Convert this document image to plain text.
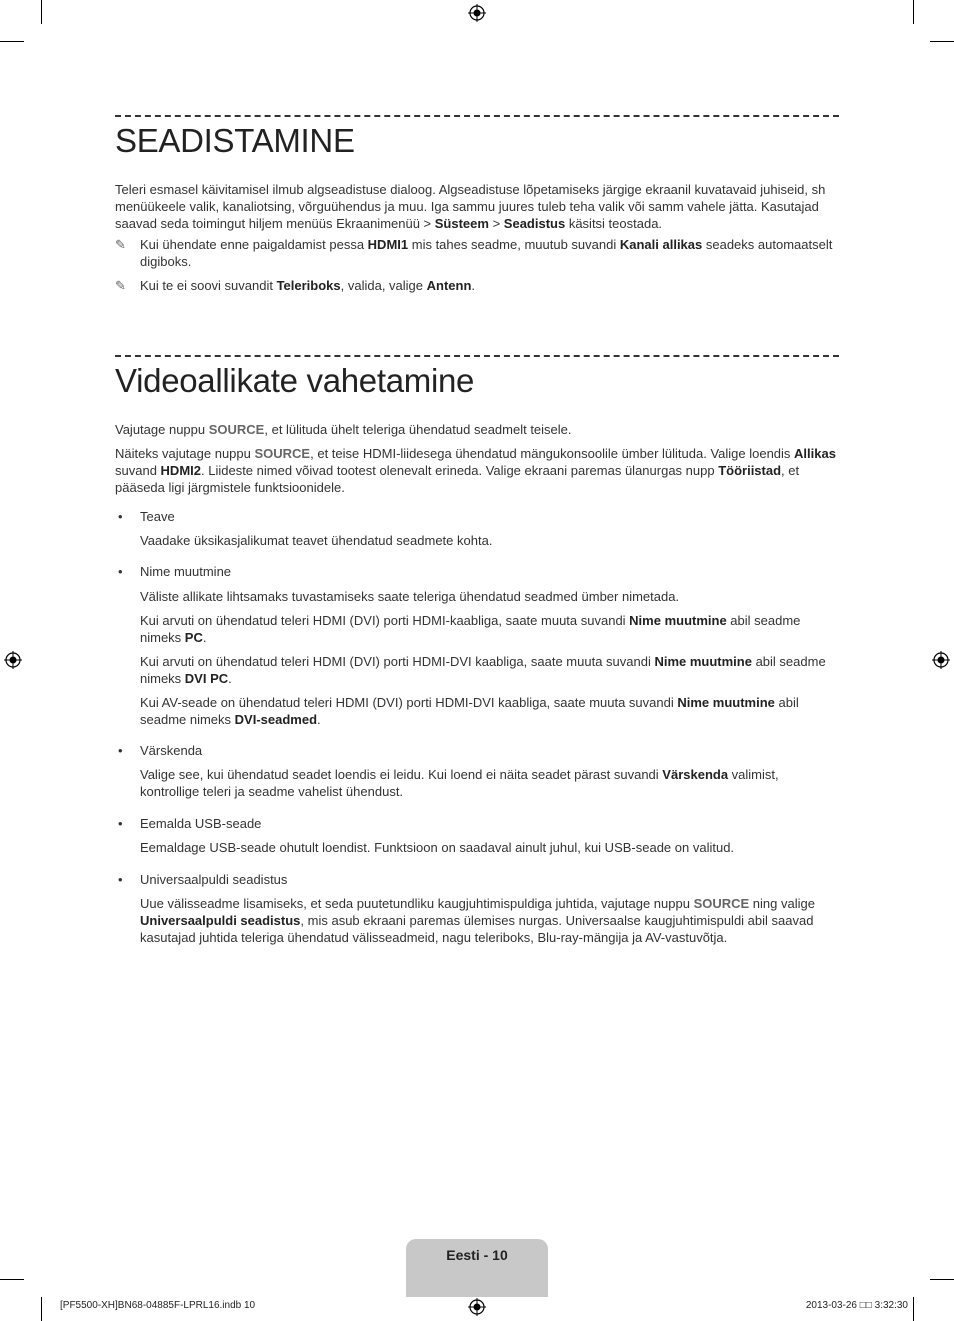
SEADISTAMINE

Teleri esmasel käivitamisel ilmub algseadistuse dialoog. Algseadistuse lõpetamiseks järgige ekraanil kuvatavaid juhiseid, sh menüükeele valik, kanaliotsing, võrguühendus ja muu. Iga sammu juures tuleb teha valik või samm vahele jätta. Kasutajad saavad seda toimingut hiljem menüüs Ekraanimenüü > Süsteem > Seadistus käsitsi teostada.

✎ Kui ühendate enne paigaldamist pessa HDMI1 mis tahes seadme, muutub suvandi Kanali allikas seadeks automaatselt digiboks.

✎ Kui te ei soovi suvandit Teleriboks, valida, valige Antenn.

Videoallikate vahetamine

Vajutage nuppu SOURCE, et lülituda ühelt teleriga ühendatud seadmelt teisele.

Näiteks vajutage nuppu SOURCE, et teise HDMI-liidesega ühendatud mängukonsoolile ümber lülituda. Valige loendis Allikas suvand HDMI2. Liideste nimed võivad tootest olenevalt erineda. Valige ekraani paremas ülanurgas nupp Tööriistad, et pääseda ligi järgmistele funktsioonidele.

• Teave

Vaadake üksikasjalikumat teavet ühendatud seadmete kohta.

• Nime muutmine

Väliste allikate lihtsamaks tuvastamiseks saate teleriga ühendatud seadmed ümber nimetada.

Kui arvuti on ühendatud teleri HDMI (DVI) porti HDMI-kaabliga, saate muuta suvandi Nime muutmine abil seadme nimeks PC.

Kui arvuti on ühendatud teleri HDMI (DVI) porti HDMI-DVI kaabliga, saate muuta suvandi Nime muutmine abil seadme nimeks DVI PC.

Kui AV-seade on ühendatud teleri HDMI (DVI) porti HDMI-DVI kaabliga, saate muuta suvandi Nime muutmine abil seadme nimeks DVI-seadmed.

• Värskenda

Valige see, kui ühendatud seadet loendis ei leidu. Kui loend ei näita seadet pärast suvandi Värskenda valimist, kontrollige teleri ja seadme vahelist ühendust.

• Eemalda USB-seade

Eemaldage USB-seade ohutult loendist. Funktsioon on saadaval ainult juhul, kui USB-seade on valitud.

• Universaalpuldi seadistus

Uue välisseadme lisamiseks, et seda puutetundliku kaugjuhtimispuldiga juhtida, vajutage nuppu SOURCE ning valige Universaalpuldi seadistus, mis asub ekraani paremas ülemises nurgas. Universaalse kaugjuhtimispuldi abil saavad kasutajad juhtida teleriga ühendatud välisseadmeid, nagu teleriboks, Blu-ray-mängija ja AV-vastuvõtja.

Eesti - 10
[PF5500-XH]BN68-04885F-LPRL16.indb 10	2013-03-26 □□ 3:32:30
